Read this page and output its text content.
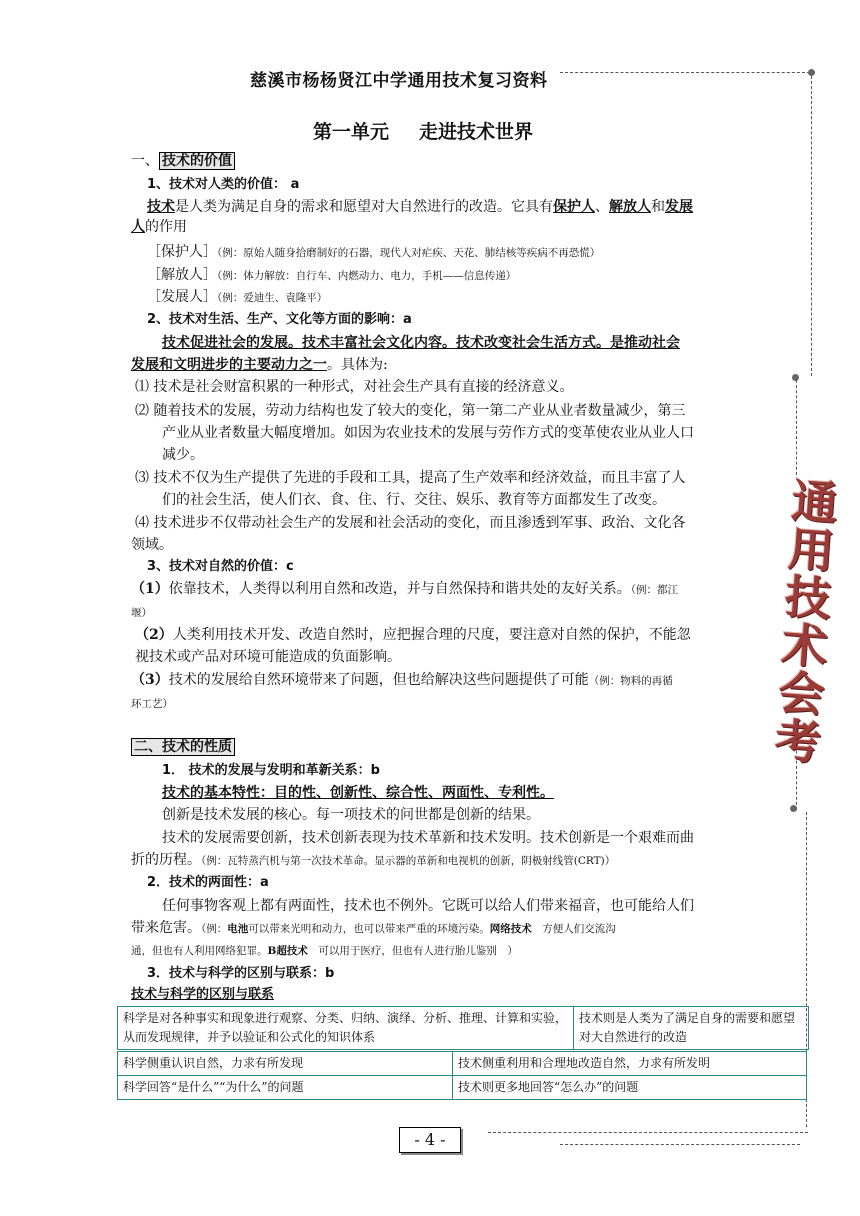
慈溪市杨杨贤江中学通用技术复习资料
第一单元 走进技术世界
一、 技术的价值
1、技术对人类的价值： a
技术是人类为满足自身的需求和愿望对大自然进行的改造。它具有保护人、解放人和发展
人的作用
［保护人］（例：原始人随身拾磨制好的石器，现代人对疟疾、天花、肺结核等疾病不再恐慌）
［解放人］（例：体力解放：自行车、内燃动力、电力，手机——信息传递）
［发展人］（例：爱迪生、袁隆平）
2、技术对生活、生产、文化等方面的影响：a
技术促进社会的发展。技术丰富社会文化内容。技术改变社会生活方式。是推动社会
发展和文明进步的主要动力之一。具体为:
⑴ 技术是社会财富积累的一种形式，对社会生产具有直接的经济意义。
⑵ 随着技术的发展，劳动力结构也发了较大的变化，第一第二产业从业者数量减少，第三
产业从业者数量大幅度增加。如因为农业技术的发展与劳作方式的变革使农业从业人口
减少。
⑶ 技术不仅为生产提供了先进的手段和工具，提高了生产效率和经济效益，而且丰富了人
们的社会生活，使人们衣、食、住、行、交往、娱乐、教育等方面都发生了改变。
⑷ 技术进步不仅带动社会生产的发展和社会活动的变化，而且渗透到军事、政治、文化各
领域。
3、技术对自然的价值：c
（1）依靠技术，人类得以利用自然和改造，并与自然保持和谐共处的友好关系。（例：都江
堰）
（2）人类利用技术开发、改造自然时，应把握合理的尺度，要注意对自然的保护，不能忽
视技术或产品对环境可能造成的负面影响。
（3）技术的发展给自然环境带来了问题，但也给解决这些问题提供了可能（例：物料的再循
环工艺）
二、技术的性质
1． 技术的发展与发明和革新关系：b
技术的基本特性：目的性、创新性、综合性、两面性、专利性。
创新是技术发展的核心。每一项技术的问世都是创新的结果。
技术的发展需要创新，技术创新表现为技术革新和技术发明。技术创新是一个艰难而曲
折的历程。（例：瓦特蒸汽机与第一次技术革命。显示器的革新和电视机的创新，阴极射线管(CRT)）
2．技术的两面性：a
任何事物客观上都有两面性，技术也不例外。它既可以给人们带来福音，也可能给人们
带来危害。（例：电池可以带来光明和动力，也可以带来严重的环境污染。网络技术　方便人们交流沟
通，但也有人利用网络犯罪。B超技术　可以用于医疗，但也有人进行胎儿鉴别　）
3．技术与科学的区别与联系：b
技术与科学的区别与联系
科学是对各种事实和现象进行观察、分类、归纳、演绎、分析、推理、计算和实验，从而发现规律，并予以验证和公式化的知识体系	技术则是人类为了满足自身的需要和愿望对大自然进行的改造
科学侧重认识自然，力求有所发现	技术侧重利用和合理地改造自然，力求有所发明
科学回答“是什么”“为什么”的问题	技术则更多地回答“怎么办”的问题
通
用
技
术
会
考
- 4 -
